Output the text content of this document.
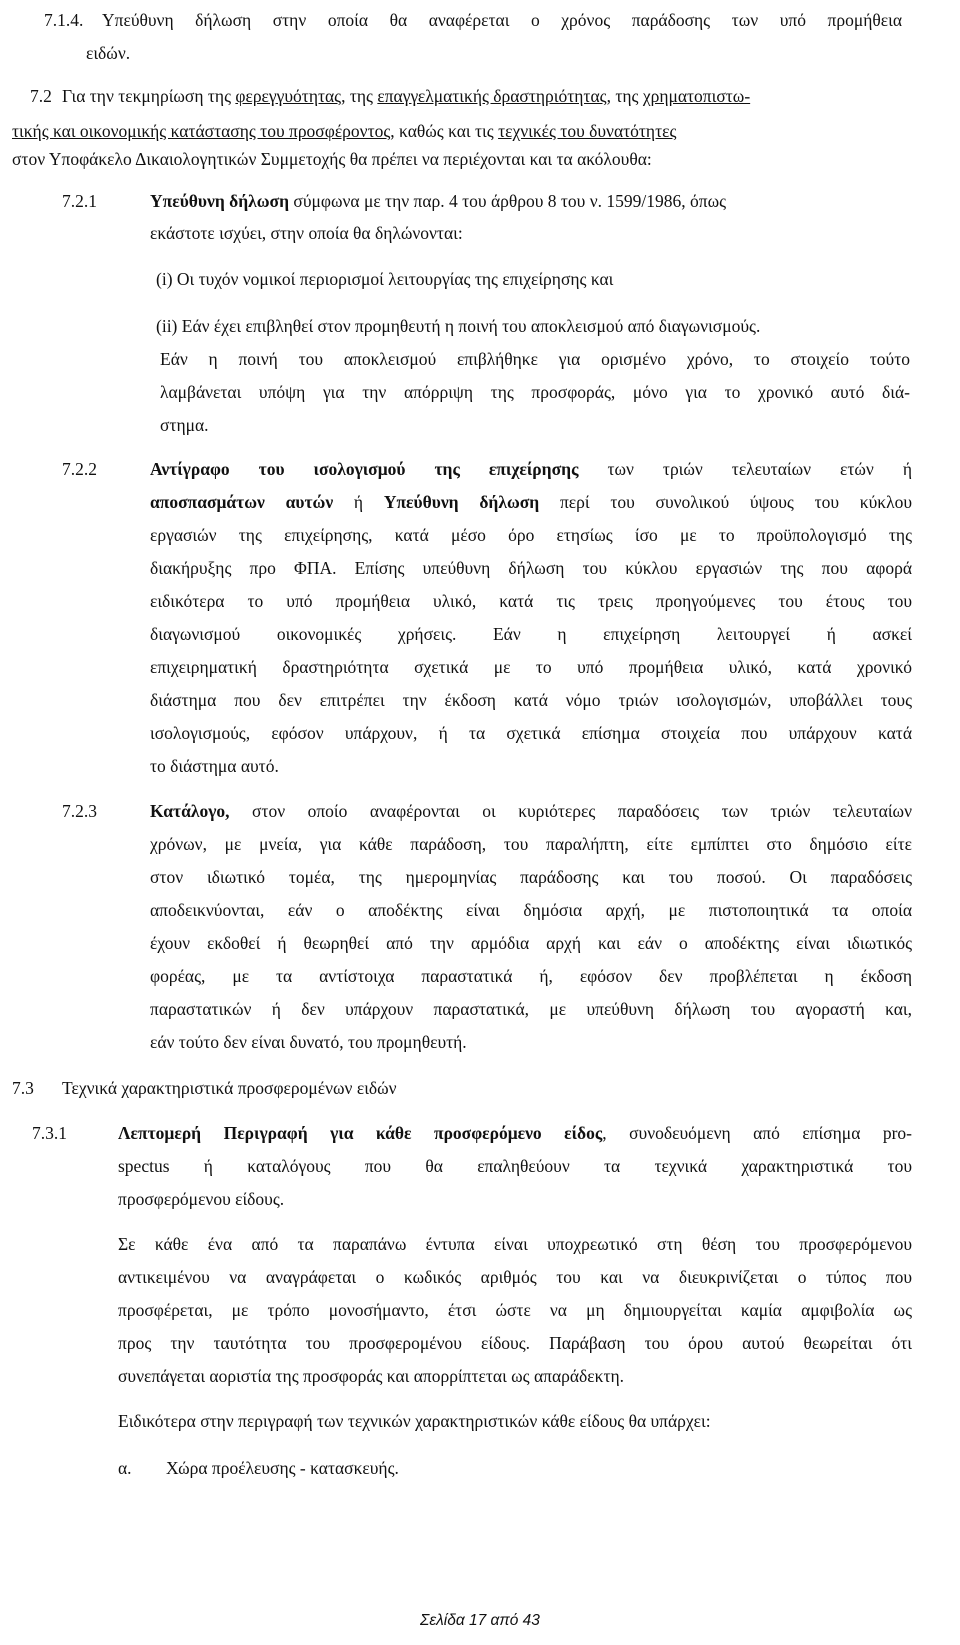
7.1.4. Υπεύθυνη δήλωση στην οποία θα αναφέρεται ο χρόνος παράδοσης των υπό προμήθεια
ειδών.
7.2 Για την τεκμηρίωση της φερεγγυότητας, της επαγγελματικής δραστηριότητας, της χρηματοπιστω-
τικής και οικονομικής κατάστασης του προσφέροντος, καθώς και τις τεχνικές του δυνατότητες
στον Υποφάκελο Δικαιολογητικών Συμμετοχής θα πρέπει να περιέχονται και τα ακόλουθα:
7.2.1	Υπεύθυνη δήλωση σύμφωνα με την παρ. 4 του άρθρου 8 του ν. 1599/1986, όπως
εκάστοτε ισχύει, στην οποία θα δηλώνονται:
(i) Οι τυχόν νομικοί περιορισμοί λειτουργίας της επιχείρησης και
(ii) Εάν έχει επιβληθεί στον προμηθευτή η ποινή του αποκλεισμού από διαγωνισμούς.
Εάν η ποινή του αποκλεισμού επιβλήθηκε για ορισμένο χρόνο, το στοιχείο τούτο
λαμβάνεται υπόψη για την απόρριψη της προσφοράς, μόνο για το χρονικό αυτό διά-
στημα.
7.2.2	Αντίγραφο του ισολογισμού της επιχείρησης των τριών τελευταίων ετών ή
αποσπασμάτων αυτών ή Υπεύθυνη δήλωση περί του συνολικού ύψους του κύκλου
εργασιών της επιχείρησης, κατά μέσο όρο ετησίως ίσο με το προϋπολογισμό της
διακήρυξης προ ΦΠΑ. Επίσης υπεύθυνη δήλωση του κύκλου εργασιών της που αφορά
ειδικότερα το υπό προμήθεια υλικό, κατά τις τρεις προηγούμενες του έτους του
διαγωνισμού οικονομικές χρήσεις. Εάν η επιχείρηση λειτουργεί ή ασκεί
επιχειρηματική δραστηριότητα σχετικά με το υπό προμήθεια υλικό, κατά χρονικό
διάστημα που δεν επιτρέπει την έκδοση κατά νόμο τριών ισολογισμών, υποβάλλει τους
ισολογισμούς, εφόσον υπάρχουν, ή τα σχετικά επίσημα στοιχεία που υπάρχουν κατά
το διάστημα αυτό.
7.2.3	Κατάλογο, στον οποίο αναφέρονται οι κυριότερες παραδόσεις των τριών τελευταίων
χρόνων, με μνεία, για κάθε παράδοση, του παραλήπτη, είτε εμπίπτει στο δημόσιο είτε
στον ιδιωτικό τομέα, της ημερομηνίας παράδοσης και του ποσού. Οι παραδόσεις
αποδεικνύονται, εάν ο αποδέκτης είναι δημόσια αρχή, με πιστοποιητικά τα οποία
έχουν εκδοθεί ή θεωρηθεί από την αρμόδια αρχή και εάν ο αποδέκτης είναι ιδιωτικός
φορέας, με τα αντίστοιχα παραστατικά ή, εφόσον δεν προβλέπεται η έκδοση
παραστατικών ή δεν υπάρχουν παραστατικά, με υπεύθυνη δήλωση του αγοραστή και,
εάν τούτο δεν είναι δυνατό, του προμηθευτή.
7.3 Τεχνικά χαρακτηριστικά προσφερομένων ειδών
7.3.1	Λεπτομερή Περιγραφή για κάθε προσφερόμενο είδος, συνοδευόμενη από επίσημα pro-
spectus ή καταλόγους που θα επαληθεύουν τα τεχνικά χαρακτηριστικά του
προσφερόμενου είδους.
Σε κάθε ένα από τα παραπάνω έντυπα είναι υποχρεωτικό στη θέση του προσφερόμενου
αντικειμένου να αναγράφεται ο κωδικός αριθμός του και να διευκρινίζεται ο τύπος που
προσφέρεται, με τρόπο μονοσήμαντο, έτσι ώστε να μη δημιουργείται καμία αμφιβολία ως
προς την ταυτότητα του προσφερομένου είδους. Παράβαση του όρου αυτού θεωρείται ότι
συνεπάγεται αοριστία της προσφοράς και απορρίπτεται ως απαράδεκτη.
Ειδικότερα στην περιγραφή των τεχνικών χαρακτηριστικών κάθε είδους θα υπάρχει:
α. Χώρα προέλευσης - κατασκευής.
Σελίδα 17 από 43
